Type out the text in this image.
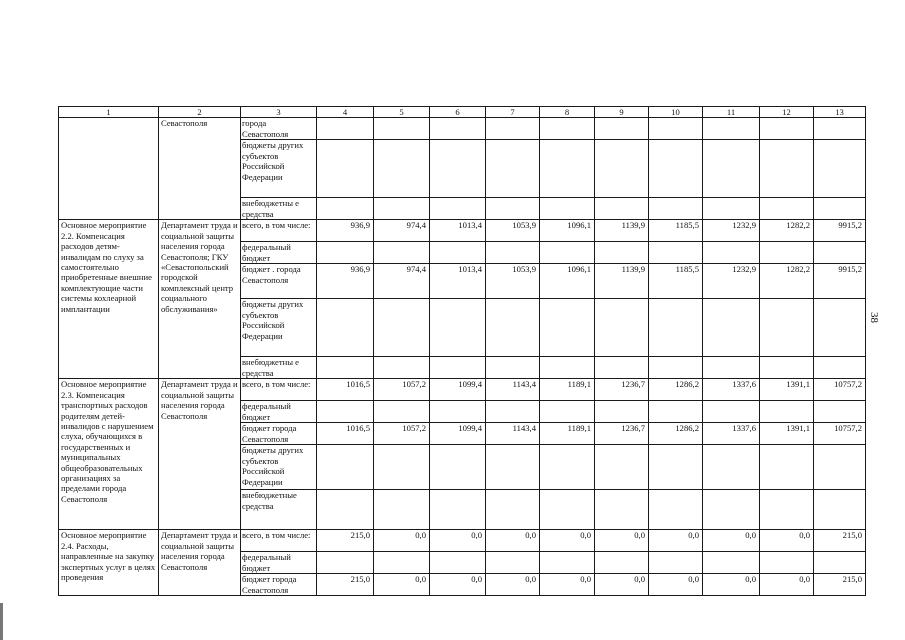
1	2	3	4	5	6	7	8	9	10	11	12	13
	Севастополя	города Севастополя										
		бюджеты других субъектов Российской Федерации										
		внебюджетны е средства										
Основное мероприятие 2.2. Компенсация расходов детям-инвалидам по слуху за самостоятельно приобретенные внешние комплектующие части системы кохлеарной имплантации	Департамент труда и социальной защиты населения города Севастополя; ГКУ «Севастопольский городской комплексный центр социального обслуживания»	всего, в том числе:	936,9	974,4	1013,4	1053,9	1096,1	1139,9	1185,5	1232,9	1282,2	9915,2
		федеральный бюджет										
		бюджет . города Севастополя	936,9	974,4	1013,4	1053,9	1096,1	1139,9	1185,5	1232,9	1282,2	9915,2
		бюджеты других субъектов Российской Федерации										
		внебюджетны е средства										
Основное мероприятие 2.3. Компенсация транспортных расходов родителям детей-инвалидов с нарушением слуха, обучающихся в государственных и муниципальных общеобразовательных организациях за пределами города Севастополя	Департамент труда и социальной защиты населения города Севастополя	всего, в том числе:	1016,5	1057,2	1099,4	1143,4	1189,1	1236,7	1286,2	1337,6	1391,1	10757,2
		федеральный бюджет										
		бюджет города Севастополя	1016,5	1057,2	1099,4	1143,4	1189,1	1236,7	1286,2	1337,6	1391,1	10757,2
		бюджеты других субъектов Российской Федерации										
		внебюджетные средства										
Основное мероприятие 2.4. Расходы, направленные на закупку экспертных услуг в целях проведения	Департамент труда и социальной защиты населения города Севастополя	всего, в том числе:	215,0	0,0	0,0	0,0	0,0	0,0	0,0	0,0	0,0	215,0
		федеральный бюджет										
		бюджет города Севастополя	215,0	0,0	0,0	0,0	0,0	0,0	0,0	0,0	0,0	215,0
38
